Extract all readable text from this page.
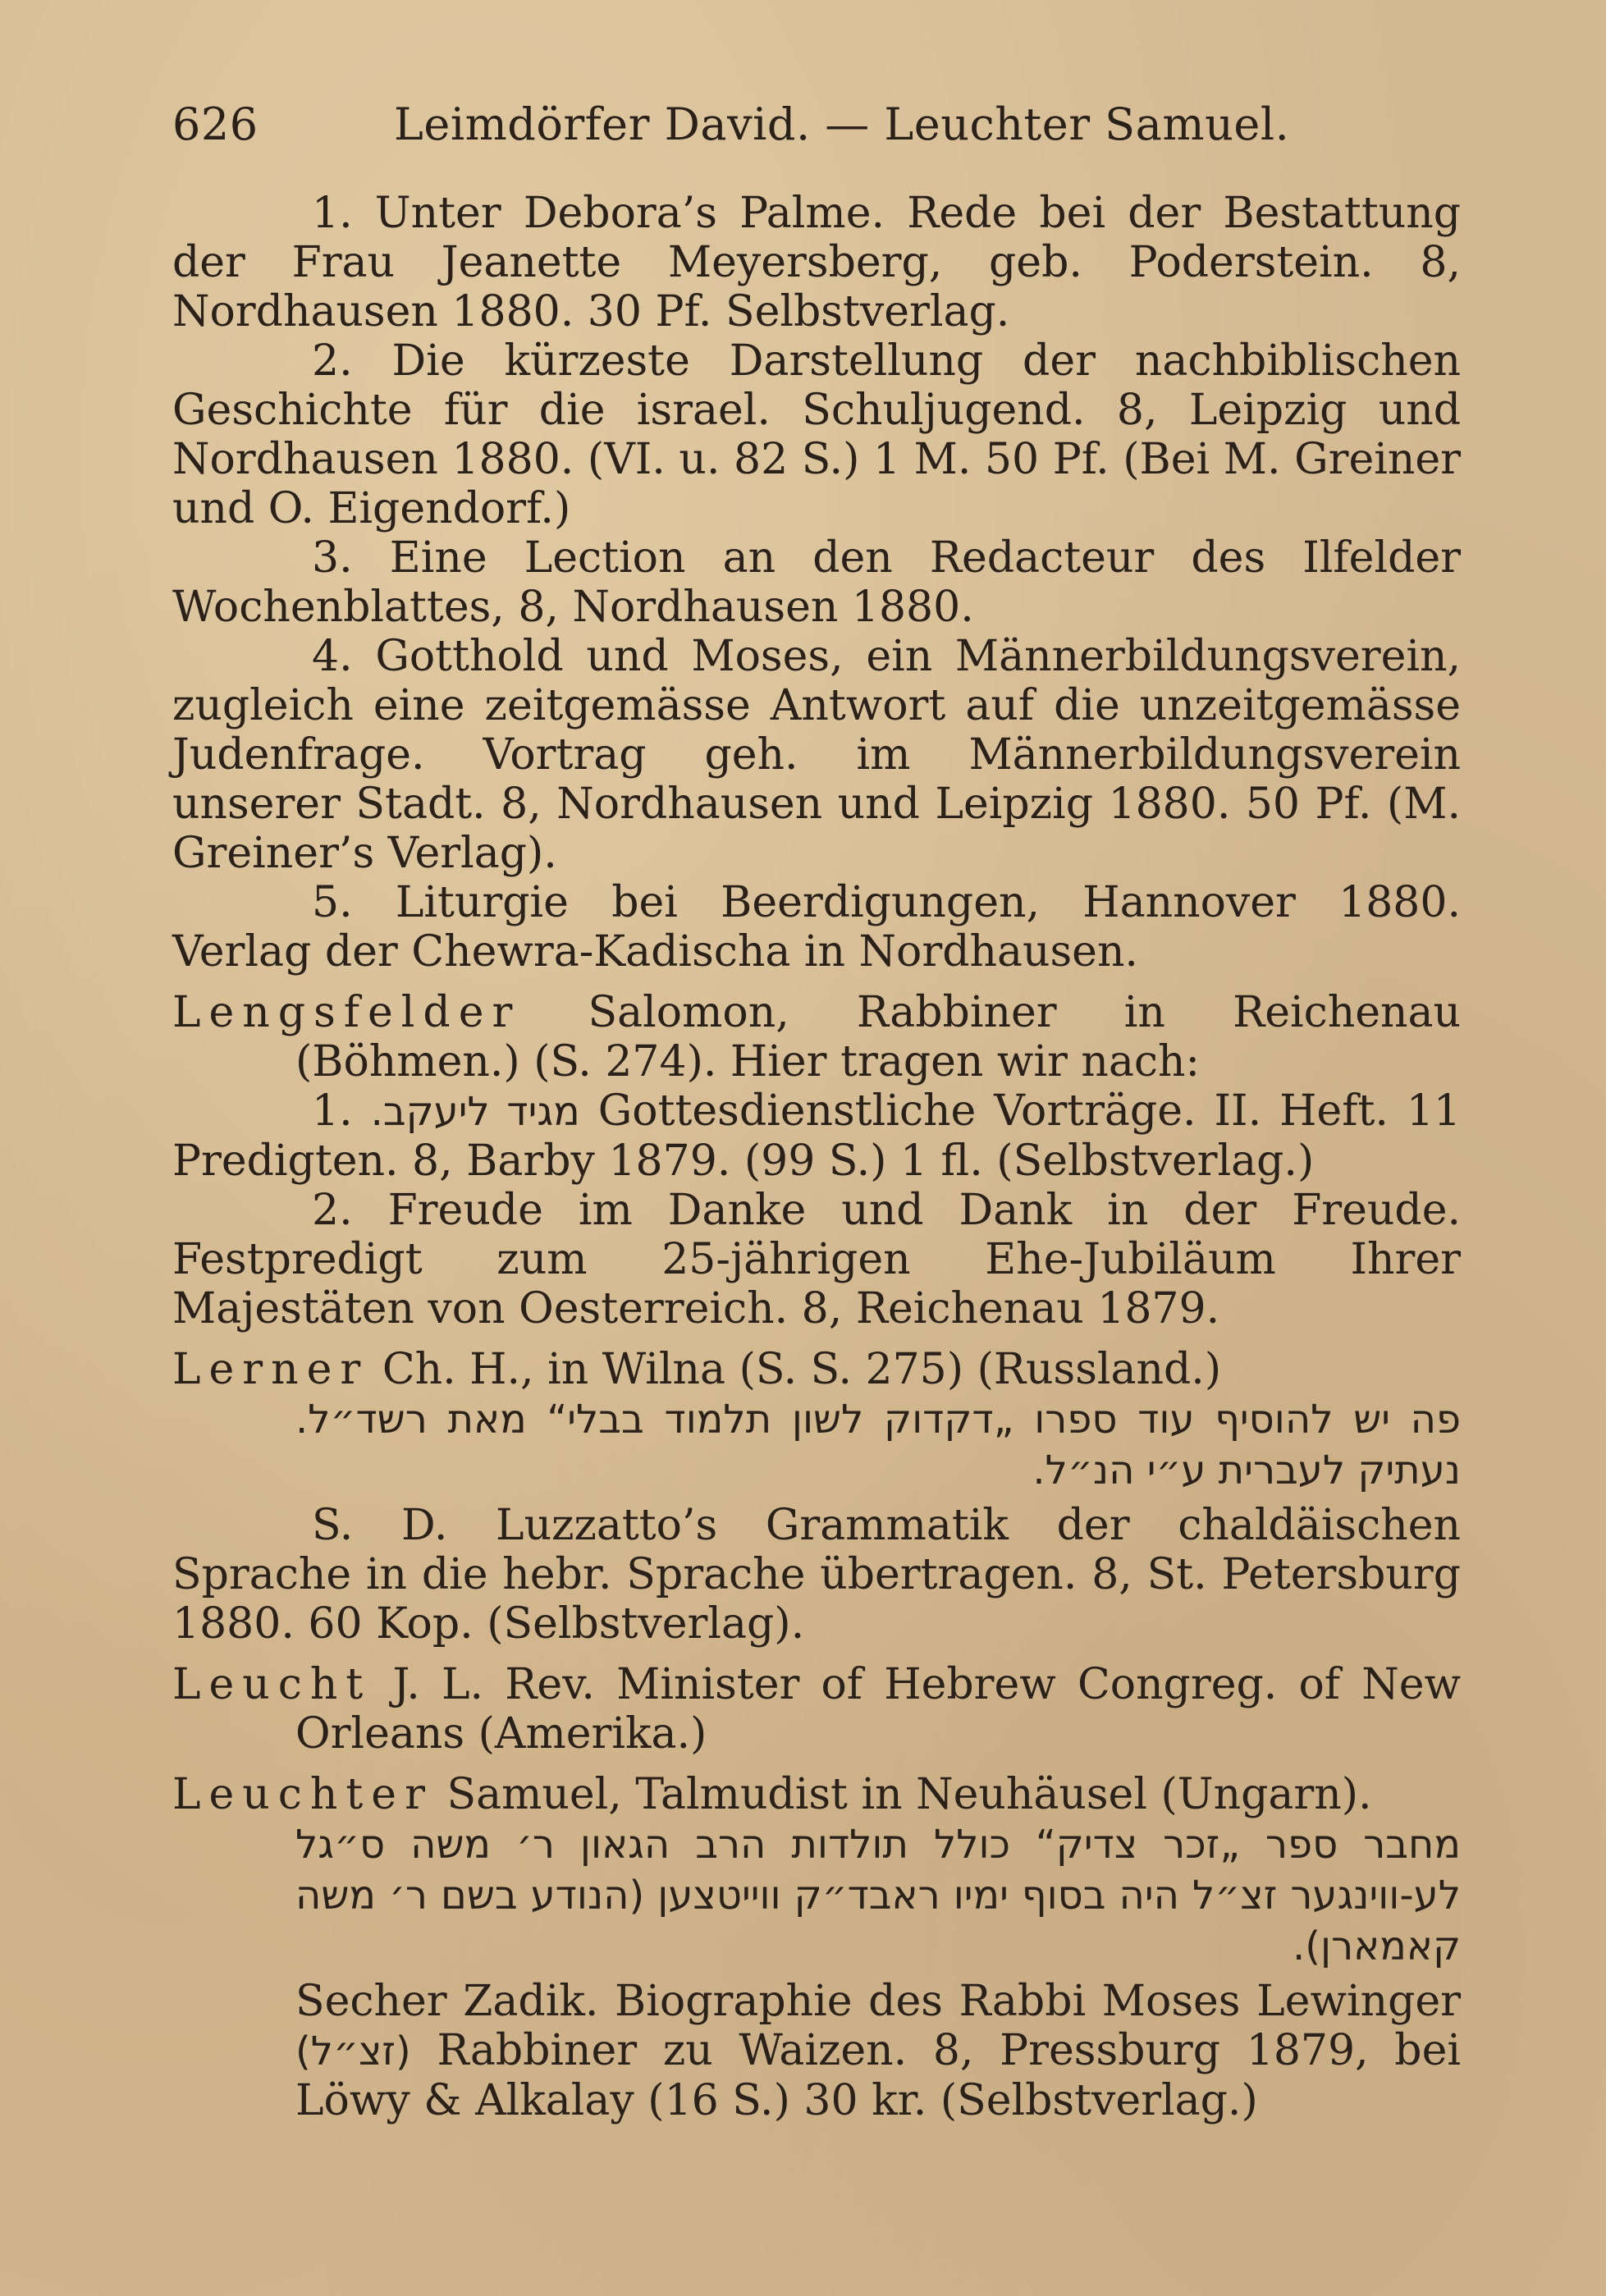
626	Leimdörfer David. — Leuchter Samuel.

1. Unter Debora’s Palme. Rede bei der Bestattung der Frau Jeanette Meyersberg, geb. Poderstein. 8, Nordhausen 1880. 30 Pf. Selbstverlag.

2. Die kürzeste Darstellung der nachbiblischen Geschichte für die israel. Schuljugend. 8, Leipzig und Nordhausen 1880. (VI. u. 82 S.) 1 M. 50 Pf. (Bei M. Greiner und O. Eigendorf.)

3. Eine Lection an den Redacteur des Ilfelder Wochenblattes, 8, Nordhausen 1880.

4. Gotthold und Moses, ein Männerbildungsverein, zugleich eine zeitgemässe Antwort auf die unzeitgemässe Judenfrage. Vortrag geh. im Männerbildungsverein unserer Stadt. 8, Nordhausen und Leipzig 1880. 50 Pf. (M. Greiner’s Verlag).

5. Liturgie bei Beerdigungen, Hannover 1880. Verlag der Chewra-Kadischa in Nordhausen.

Lengsfelder Salomon, Rabbiner in Reichenau (Böhmen.) (S. 274). Hier tragen wir nach:

1. מגיד ליעקב. Gottesdienstliche Vorträge. II. Heft. 11 Predigten. 8, Barby 1879. (99 S.) 1 fl. (Selbstverlag.)

2. Freude im Danke und Dank in der Freude. Festpredigt zum 25-jährigen Ehe-Jubiläum Ihrer Majestäten von Oesterreich. 8, Reichenau 1879.

Lerner Ch. H., in Wilna (S. S. 275) (Russland.)

פה יש להוסיף עוד ספרו „דקדוק לשון תלמוד בבלי“ מאת רשד״ל. נעתיק לעברית ע״י הנ״ל.

S. D. Luzzatto’s Grammatik der chaldäischen Sprache in die hebr. Sprache übertragen. 8, St. Petersburg 1880. 60 Kop. (Selbstverlag).

Leucht J. L. Rev. Minister of Hebrew Congreg. of New Orleans (Amerika.)
Leuchter Samuel, Talmudist in Neuhäusel (Ungarn).

מחבר ספר „זכר צדיק“ כולל תולדות הרב הגאון ר׳ משה ס״גל לע-ווינגער זצ״ל היה בסוף ימיו ראבד״ק ווייטצען (הנודע בשם ר׳ משה קאמארן).

Secher Zadik. Biographie des Rabbi Moses Lewinger (זצ״ל) Rabbiner zu Waizen. 8, Pressburg 1879, bei Löwy & Alkalay (16 S.) 30 kr. (Selbstverlag.)
